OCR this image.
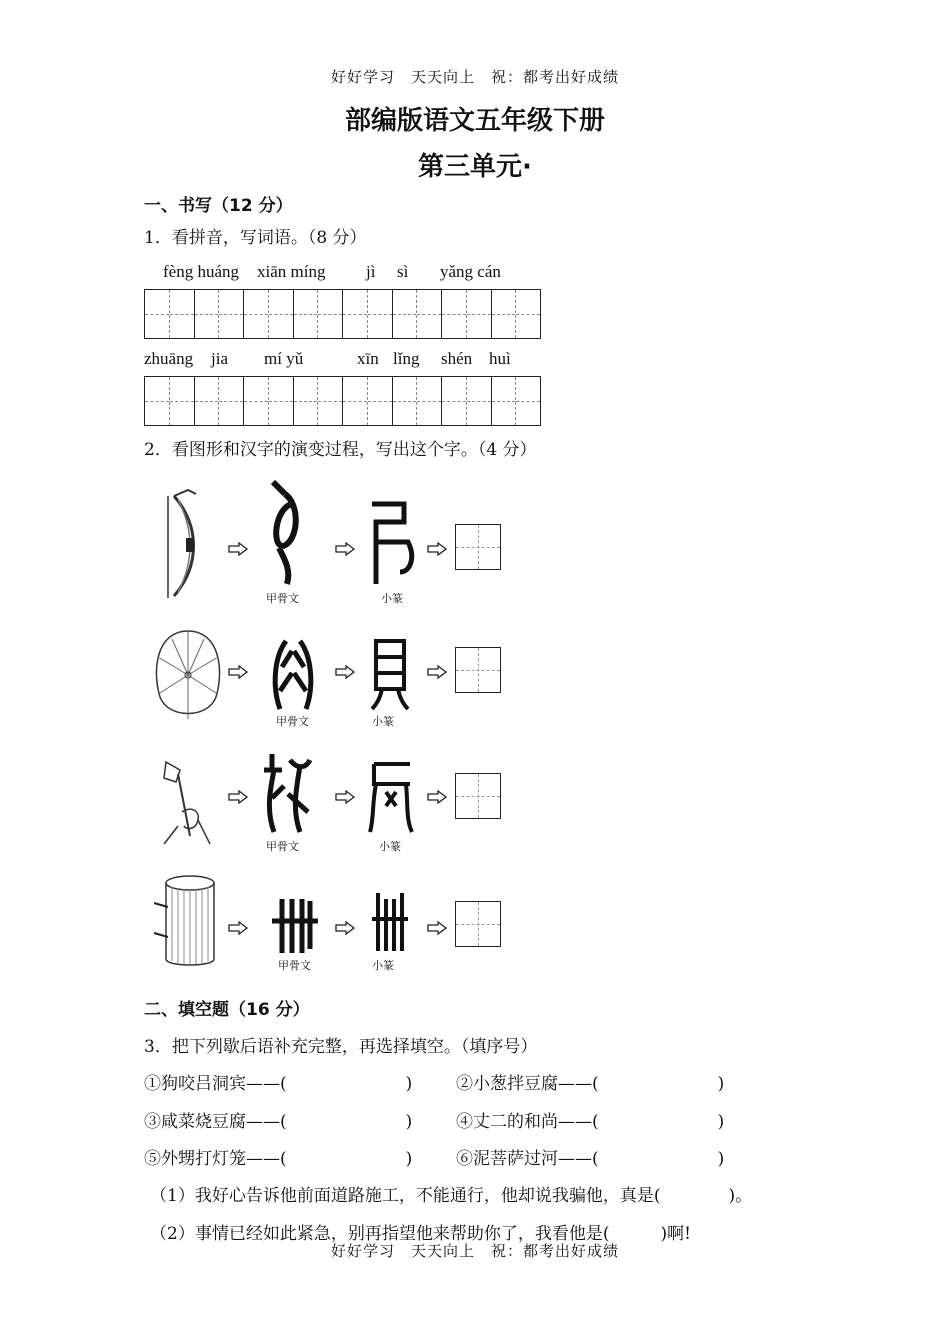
好好学习　天天向上　祝：都考出好成绩
部编版语文五年级下册
第三单元·
一、书写（12 分）
1．看拼音，写词语。（8 分）
fèng huáng xiān míng jì sì yǎng cán
zhuāng jia mí yǔ	xīn lǐng shén huì
2．看图形和汉字的演变过程，写出这个字。（4 分）
甲骨文	小篆
甲骨文	小篆
甲骨文	小篆
甲骨文	小篆
二、填空题（16 分）
3．把下列歇后语补充完整，再选择填空。（填序号）
①狗咬吕洞宾——(　　　　　　　)	②小葱拌豆腐——(　　　　　　　)
③咸菜烧豆腐——(　　　　　　　)	④丈二的和尚——(　　　　　　　)
⑤外甥打灯笼——(　　　　　　　)	⑥泥菩萨过河——(　　　　　　　)
（1）我好心告诉他前面道路施工，不能通行，他却说我骗他，真是(　　　　)。
（2）事情已经如此紧急，别再指望他来帮助你了，我看他是(　　　)啊!
好好学习　天天向上　祝：都考出好成绩
